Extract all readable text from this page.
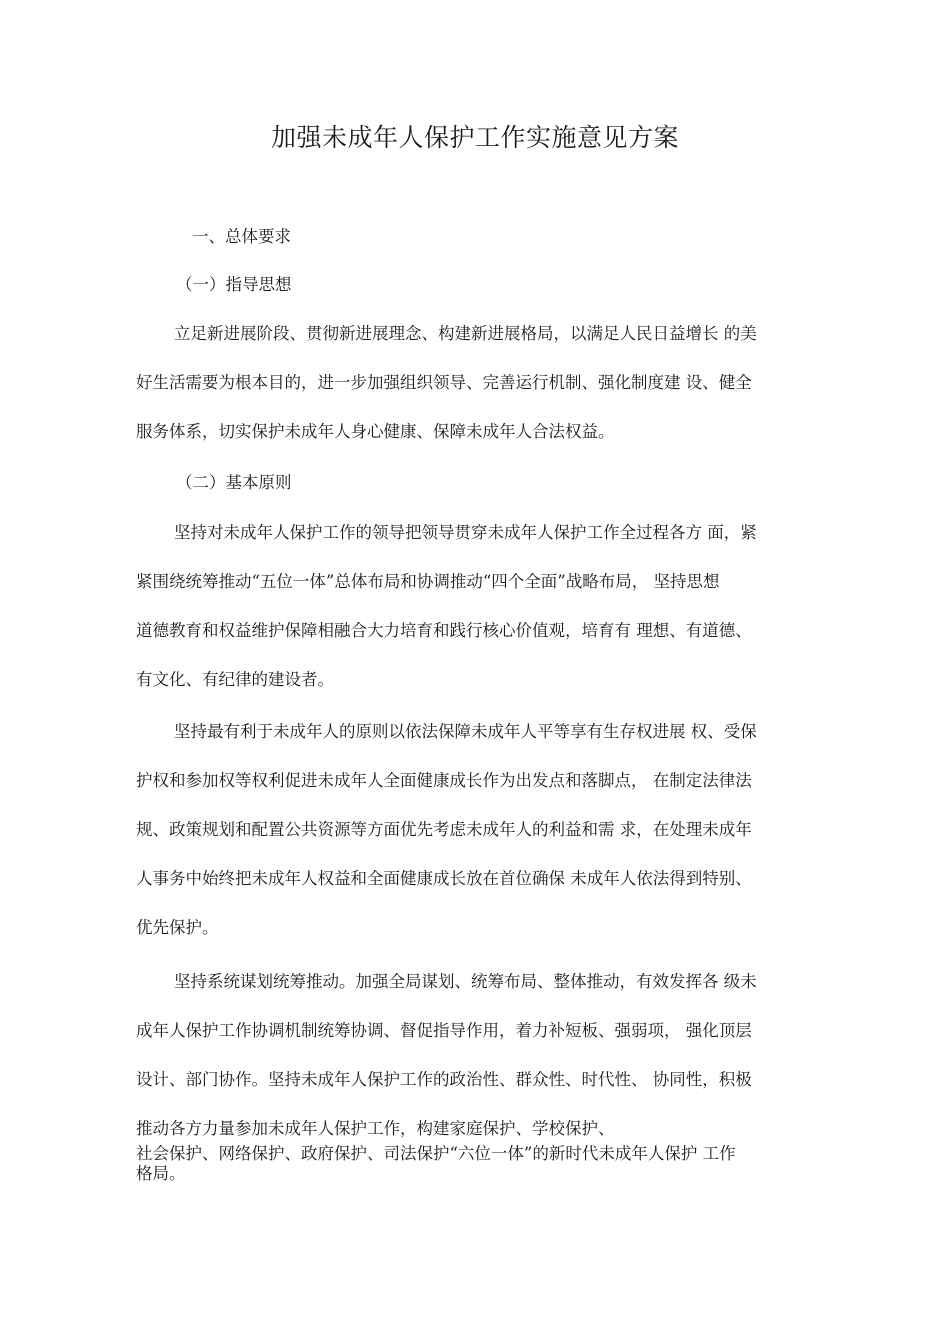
加强未成年人保护工作实施意见方案
一、总体要求
（一）指导思想
立足新进展阶段、贯彻新进展理念、构建新进展格局，以满足人民日益增长 的美
好生活需要为根本目的，进一步加强组织领导、完善运行机制、强化制度建 设、健全
服务体系，切实保护未成年人身心健康、保障未成年人合法权益。
（二）基本原则
坚持对未成年人保护工作的领导把领导贯穿未成年人保护工作全过程各方 面，紧
紧围绕统筹推动“五位一体”总体布局和协调推动“四个全面”战略布局， 坚持思想
道德教育和权益维护保障相融合大力培育和践行核心价值观，培育有 理想、有道德、
有文化、有纪律的建设者。
坚持最有利于未成年人的原则以依法保障未成年人平等享有生存权进展 权、受保
护权和参加权等权利促进未成年人全面健康成长作为出发点和落脚点， 在制定法律法
规、政策规划和配置公共资源等方面优先考虑未成年人的利益和需 求，在处理未成年
人事务中始终把未成年人权益和全面健康成长放在首位确保 未成年人依法得到特别、
优先保护。
坚持系统谋划统筹推动。加强全局谋划、统筹布局、整体推动，有效发挥各 级未
成年人保护工作协调机制统筹协调、督促指导作用，着力补短板、强弱项， 强化顶层
设计、部门协作。坚持未成年人保护工作的政治性、群众性、时代性、 协同性，积极
推动各方力量参加未成年人保护工作，构建家庭保护、学校保护、
社会保护、网络保护、政府保护、司法保护“六位一体”的新时代未成年人保护 工作
格局。
